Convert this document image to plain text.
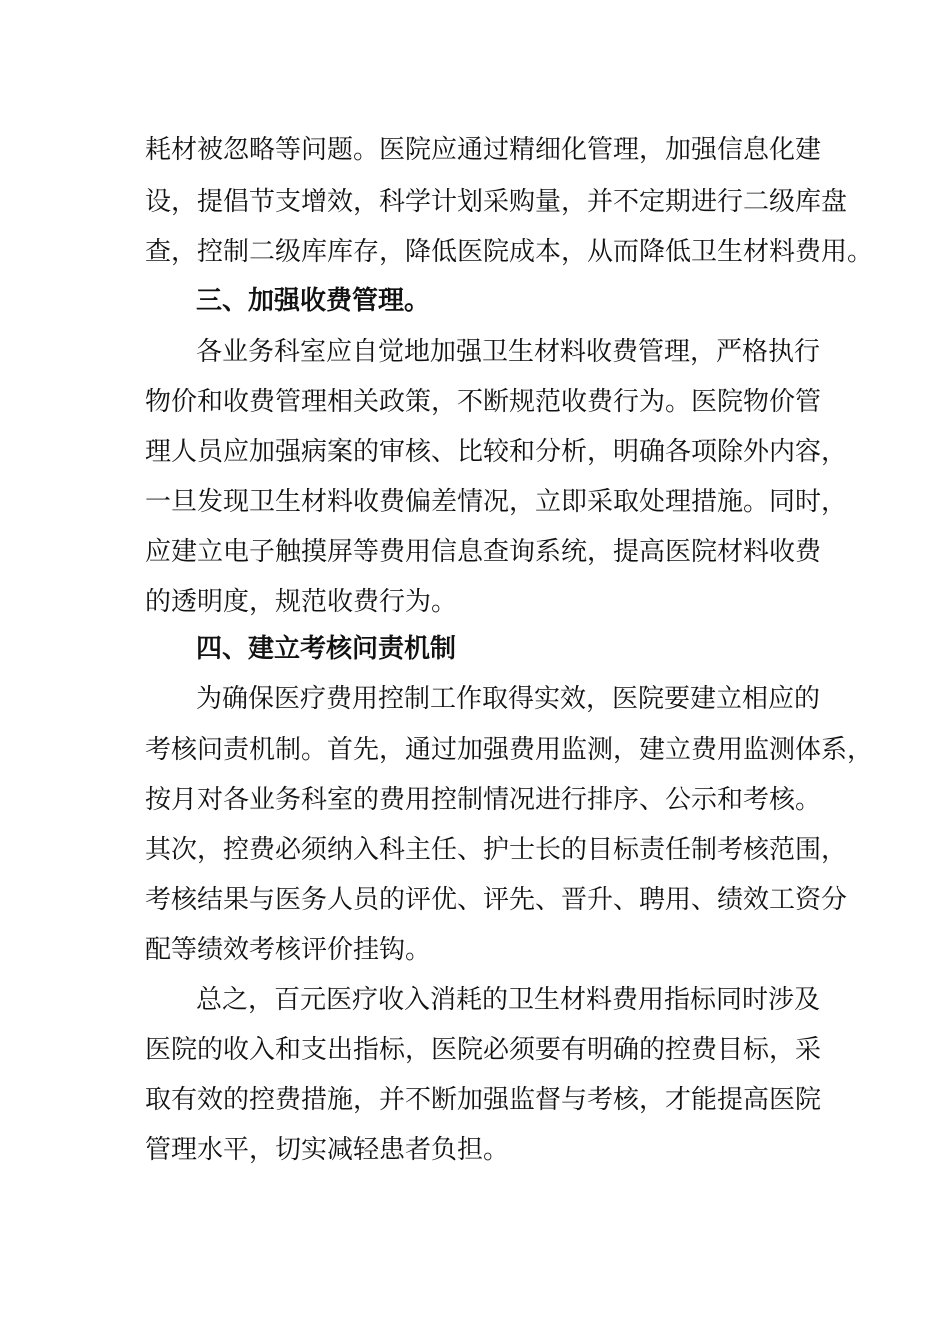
耗材被忽略等问题。医院应通过精细化管理，加强信息化建
设，提倡节支增效，科学计划采购量，并不定期进行二级库盘
查，控制二级库库存，降低医院成本，从而降低卫生材料费用。
三、加强收费管理。
各业务科室应自觉地加强卫生材料收费管理，严格执行
物价和收费管理相关政策，不断规范收费行为。医院物价管
理人员应加强病案的审核、比较和分析，明确各项除外内容，
一旦发现卫生材料收费偏差情况，立即采取处理措施。同时，
应建立电子触摸屏等费用信息查询系统，提高医院材料收费
的透明度，规范收费行为。
四、建立考核问责机制
为确保医疗费用控制工作取得实效，医院要建立相应的
考核问责机制。首先，通过加强费用监测，建立费用监测体系，
按月对各业务科室的费用控制情况进行排序、公示和考核。
其次，控费必须纳入科主任、护士长的目标责任制考核范围，
考核结果与医务人员的评优、评先、晋升、聘用、绩效工资分
配等绩效考核评价挂钩。
总之，百元医疗收入消耗的卫生材料费用指标同时涉及
医院的收入和支出指标，医院必须要有明确的控费目标，采
取有效的控费措施，并不断加强监督与考核，才能提高医院
管理水平，切实减轻患者负担。
